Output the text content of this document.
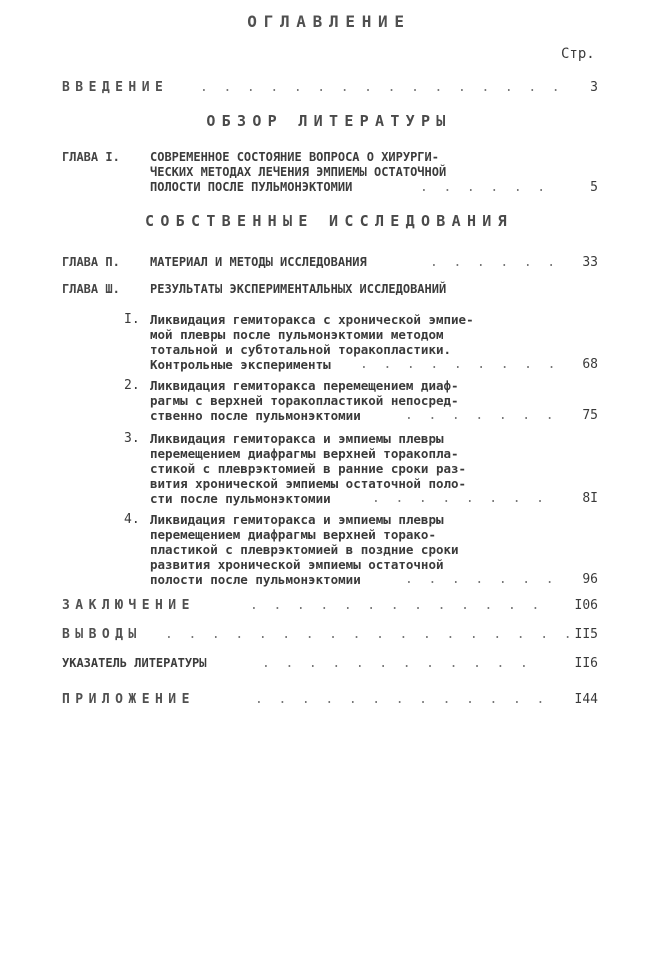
ОГЛАВЛЕНИЕ
Стр.
ВВЕДЕНИЕ . . . . . . . . . . . . . . . .	3
ОБЗОР ЛИТЕРАТУРЫ
ГЛАВА I.	СОВРЕМЕННОЕ СОСТОЯНИЕ ВОПРОСА О ХИРУРГИ-
ЧЕСКИХ МЕТОДАХ ЛЕЧЕНИЯ ЭМПИЕМЫ ОСТАТОЧНОЙ
ПОЛОСТИ ПОСЛЕ ПУЛЬМОНЭКТОМИИ	. . . . . .	5
СОБСТВЕННЫЕ ИССЛЕДОВАНИЯ
ГЛАВА П.	МАТЕРИАЛ И МЕТОДЫ ИССЛЕДОВАНИЯ	. . . . . .	33
ГЛАВА Ш.	РЕЗУЛЬТАТЫ ЭКСПЕРИМЕНТАЛЬНЫХ ИССЛЕДОВАНИЙ
I. Ликвидация гемиторакса с хронической эмпие-
мой плевры после пульмонэктомии методом
тотальной и субтотальной торакопластики.
Контрольные эксперименты . . . . . . . . .	68
2. Ликвидация гемиторакса перемещением диаф-
рагмы с верхней торакопластикой непосред-
ственно после пульмонэктомии	. . . . . . .	75
3. Ликвидация гемиторакса и эмпиемы плевры
перемещением диафрагмы верхней торакопла-
стикой с плеврэктомией в ранние сроки раз-
вития хронической эмпиемы остаточной поло-
сти после пульмонэктомии	. . . . . . . .	8I
4. Ликвидация гемиторакса и эмпиемы плевры
перемещением диафрагмы верхней торако-
пластикой с плеврэктомией в поздние сроки
развития хронической эмпиемы остаточной
полости после пульмонэктомии	. . . . . . .	96
ЗАКЛЮЧЕНИЕ	. . . . . . . . . . . . .	I06
ВЫВОДЫ . . . . . . . . . . . . . . . . . . II5
УКАЗАТЕЛЬ ЛИТЕРАТУРЫ	. . . . . . . . . . . .	II6
ПРИЛОЖЕНИЕ	. . . . . . . . . . . . .	I44
